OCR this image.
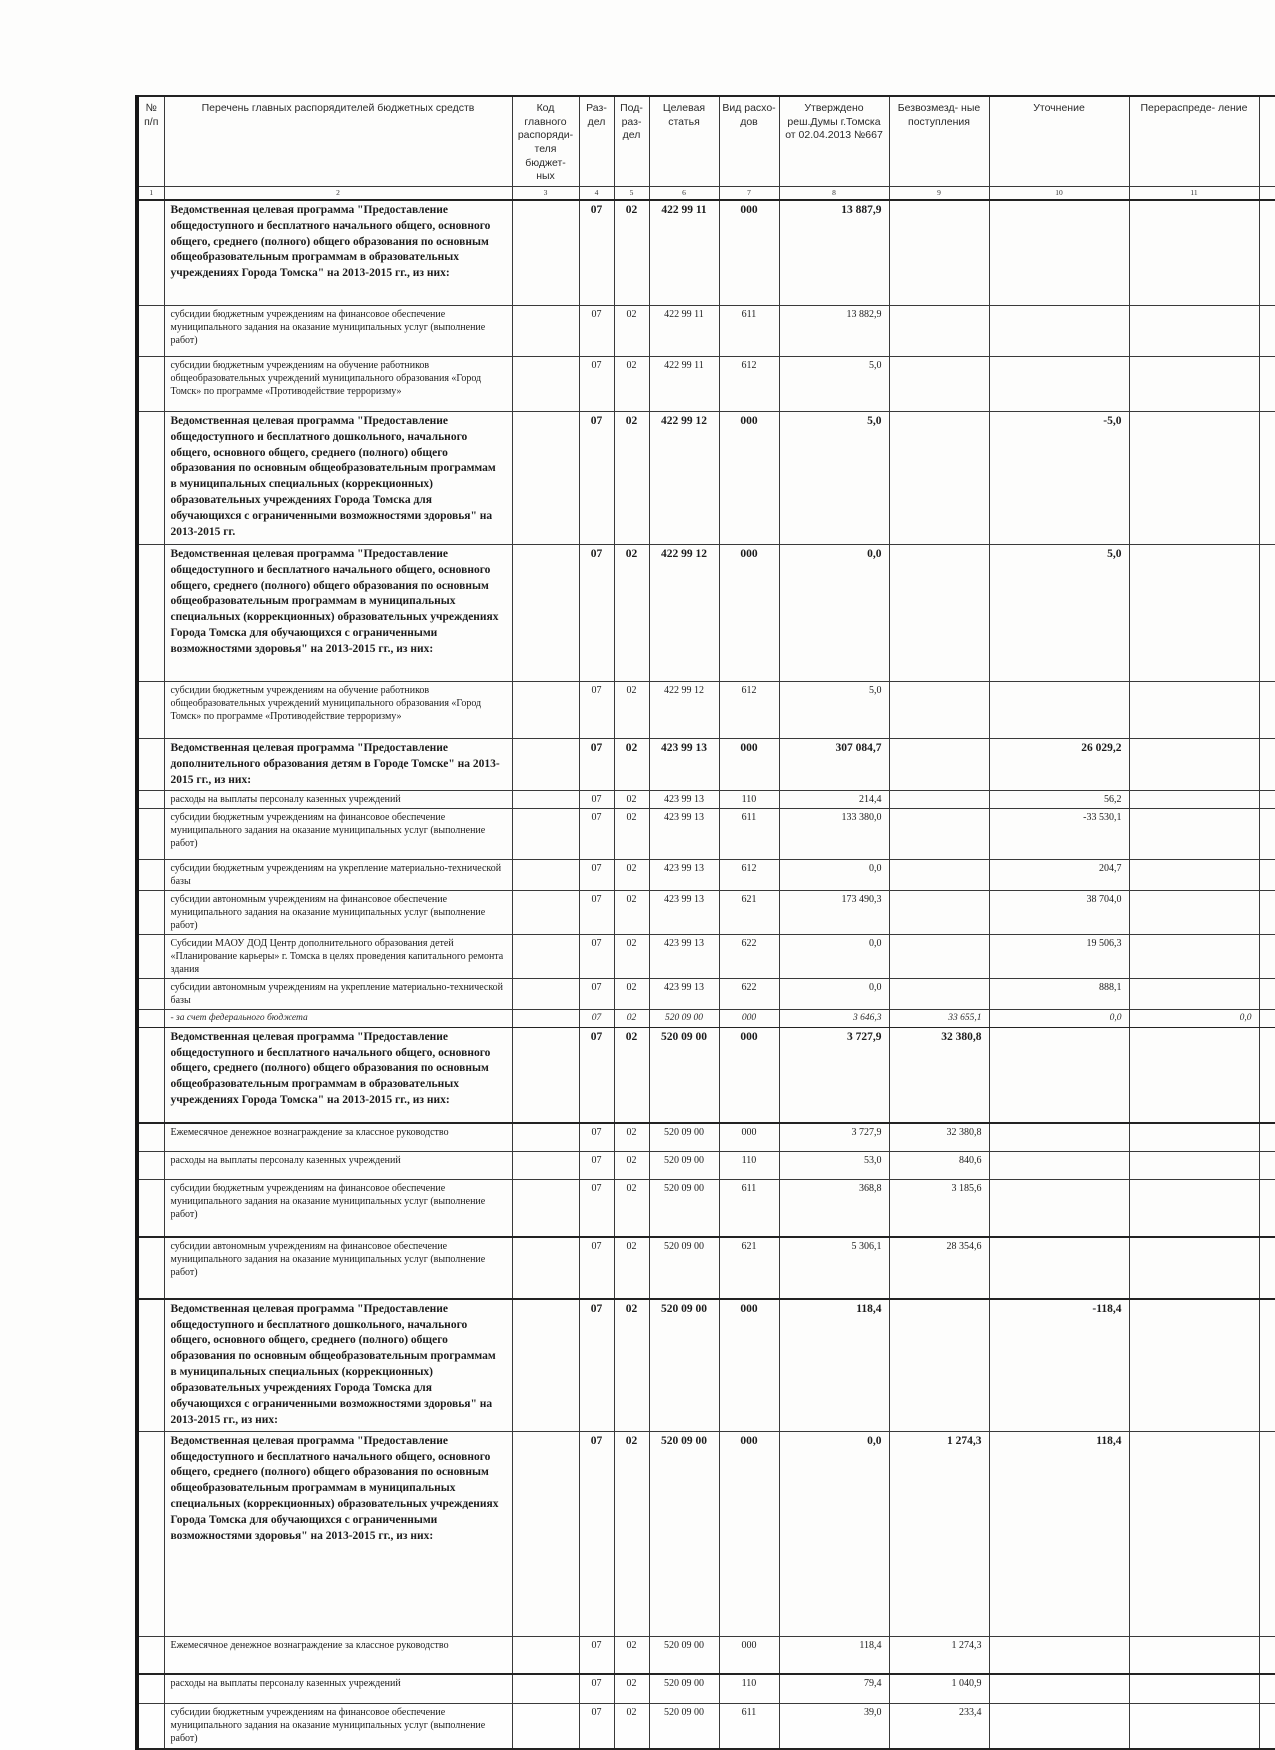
№ п/п	Перечень главных распорядителей бюджетных средств	Код главного распоряди- теля бюджет- ных	Раз- дел	Под- раз- дел	Целевая статья	Вид расхо- дов	Утверждено реш.Думы г.Томска от 02.04.2013 №667	Безвозмезд- ные поступления	Уточнение	Перераспреде- ление	
1	2	3	4	5	6	7	8	9	10	11	
	Ведомственная целевая программа "Предоставление общедоступного и бесплатного начального общего, основного общего, среднего (полного) общего образования по основным общеобразовательным программам в образовательных учреждениях Города Томска" на 2013-2015 гг., из них:		07	02	422 99 11	000	13 887,9				
	субсидии бюджетным учреждениям на финансовое обеспечение муниципального задания на оказание муниципальных услуг (выполнение работ)		07	02	422 99 11	611	13 882,9				
	субсидии бюджетным учреждениям на обучение работников общеобразовательных учреждений муниципального образования «Город Томск» по программе «Противодействие терроризму»		07	02	422 99 11	612	5,0				
	Ведомственная целевая программа "Предоставление общедоступного и бесплатного дошкольного, начального общего, основного общего, среднего (полного) общего образования по основным общеобразовательным программам в муниципальных специальных (коррекционных) образовательных учреждениях Города Томска для обучающихся с ограниченными возможностями здоровья" на 2013-2015 гг.		07	02	422 99 12	000	5,0		-5,0		
	Ведомственная целевая программа "Предоставление общедоступного и бесплатного начального общего, основного общего, среднего (полного) общего образования по основным общеобразовательным программам в муниципальных специальных (коррекционных) образовательных учреждениях Города Томска для обучающихся с ограниченными возможностями здоровья" на 2013-2015 гг., из них:		07	02	422 99 12	000	0,0		5,0		
	субсидии бюджетным учреждениям на обучение работников общеобразовательных учреждений муниципального образования «Город Томск» по программе «Противодействие терроризму»		07	02	422 99 12	612	5,0				
	Ведомственная целевая программа "Предоставление дополнительного образования детям в Городе Томске" на 2013-2015 гг., из них:		07	02	423 99 13	000	307 084,7		26 029,2		
	расходы на выплаты персоналу казенных учреждений		07	02	423 99 13	110	214,4		56,2		
	субсидии бюджетным учреждениям на финансовое обеспечение муниципального задания на оказание муниципальных услуг (выполнение работ)		07	02	423 99 13	611	133 380,0		-33 530,1		
	субсидии бюджетным учреждениям на укрепление материально-технической базы		07	02	423 99 13	612	0,0		204,7		
	субсидии автономным учреждениям на финансовое обеспечение муниципального задания на оказание муниципальных услуг (выполнение работ)		07	02	423 99 13	621	173 490,3		38 704,0		
	Субсидии МАОУ ДОД Центр дополнительного образования детей «Планирование карьеры» г. Томска в целях проведения капитального ремонта здания		07	02	423 99 13	622	0,0		19 506,3		
	субсидии автономным учреждениям на укрепление материально-технической базы		07	02	423 99 13	622	0,0		888,1		
	- за счет федерального бюджета		07	02	520 09 00	000	3 646,3	33 655,1	0,0	0,0	
	Ведомственная целевая программа "Предоставление общедоступного и бесплатного начального общего, основного общего, среднего (полного) общего образования по основным общеобразовательным программам в образовательных учреждениях Города Томска" на 2013-2015 гг., из них:		07	02	520 09 00	000	3 727,9	32 380,8			
	Ежемесячное денежное вознаграждение за классное руководство		07	02	520 09 00	000	3 727,9	32 380,8			
	расходы на выплаты персоналу казенных учреждений		07	02	520 09 00	110	53,0	840,6			
	субсидии бюджетным учреждениям на финансовое обеспечение муниципального задания на оказание муниципальных услуг (выполнение работ)		07	02	520 09 00	611	368,8	3 185,6			
	субсидии автономным учреждениям на финансовое обеспечение муниципального задания на оказание муниципальных услуг (выполнение работ)		07	02	520 09 00	621	5 306,1	28 354,6			
	Ведомственная целевая программа "Предоставление общедоступного и бесплатного дошкольного, начального общего, основного общего, среднего (полного) общего образования по основным общеобразовательным программам в муниципальных специальных (коррекционных) образовательных учреждениях Города Томска для обучающихся с ограниченными возможностями здоровья" на 2013-2015 гг., из них:		07	02	520 09 00	000	118,4		-118,4		
	Ведомственная целевая программа "Предоставление общедоступного и бесплатного начального общего, основного общего, среднего (полного) общего образования по основным общеобразовательным программам в муниципальных специальных (коррекционных) образовательных учреждениях Города Томска для обучающихся с ограниченными возможностями здоровья" на 2013-2015 гг., из них:		07	02	520 09 00	000	0,0	1 274,3	118,4		
	Ежемесячное денежное вознаграждение за классное руководство		07	02	520 09 00	000	118,4	1 274,3			
	расходы на выплаты персоналу казенных учреждений		07	02	520 09 00	110	79,4	1 040,9			
	субсидии бюджетным учреждениям на финансовое обеспечение муниципального задания на оказание муниципальных услуг (выполнение работ)		07	02	520 09 00	611	39,0	233,4			
